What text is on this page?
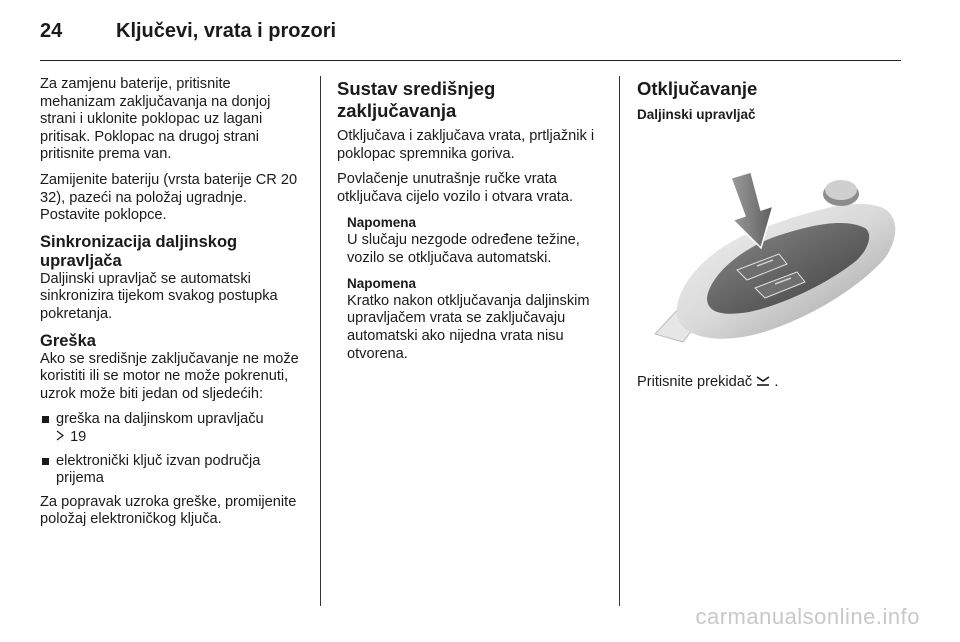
24	Ključevi, vrata i prozori

Za zamjenu baterije, pritisnite mehanizam zaključavanja na donjoj strani i uklonite poklopac uz lagani pritisak. Poklopac na drugoj strani pritisnite prema van.

Zamijenite bateriju (vrsta baterije CR 20 32), pazeći na položaj ugradnje. Postavite poklopce.

Sinkronizacija daljinskog upravljača

Daljinski upravljač se automatski sinkronizira tijekom svakog postupka pokretanja.

Greška

Ako se središnje zaključavanje ne može koristiti ili se motor ne može pokrenuti, uzrok može biti jedan od sljedećih:

greška na daljinskom upravljaču
19
elektronički ključ izvan područja prijema

Za popravak uzroka greške, promijenite položaj elektroničkog ključa.

Sustav središnjeg zaključavanja

Otključava i zaključava vrata, prtljažnik i poklopac spremnika goriva.

Povlačenje unutrašnje ručke vrata otključava cijelo vozilo i otvara vrata.

Napomena
U slučaju nezgode određene težine, vozilo se otključava automatski.
Napomena
Kratko nakon otključavanja daljinskim upravljačem vrata se zaključavaju automatski ako nijedna vrata nisu otvorena.
Otključavanje
Daljinski upravljač

Pritisnite prekidač .

carmanualsonline.info
